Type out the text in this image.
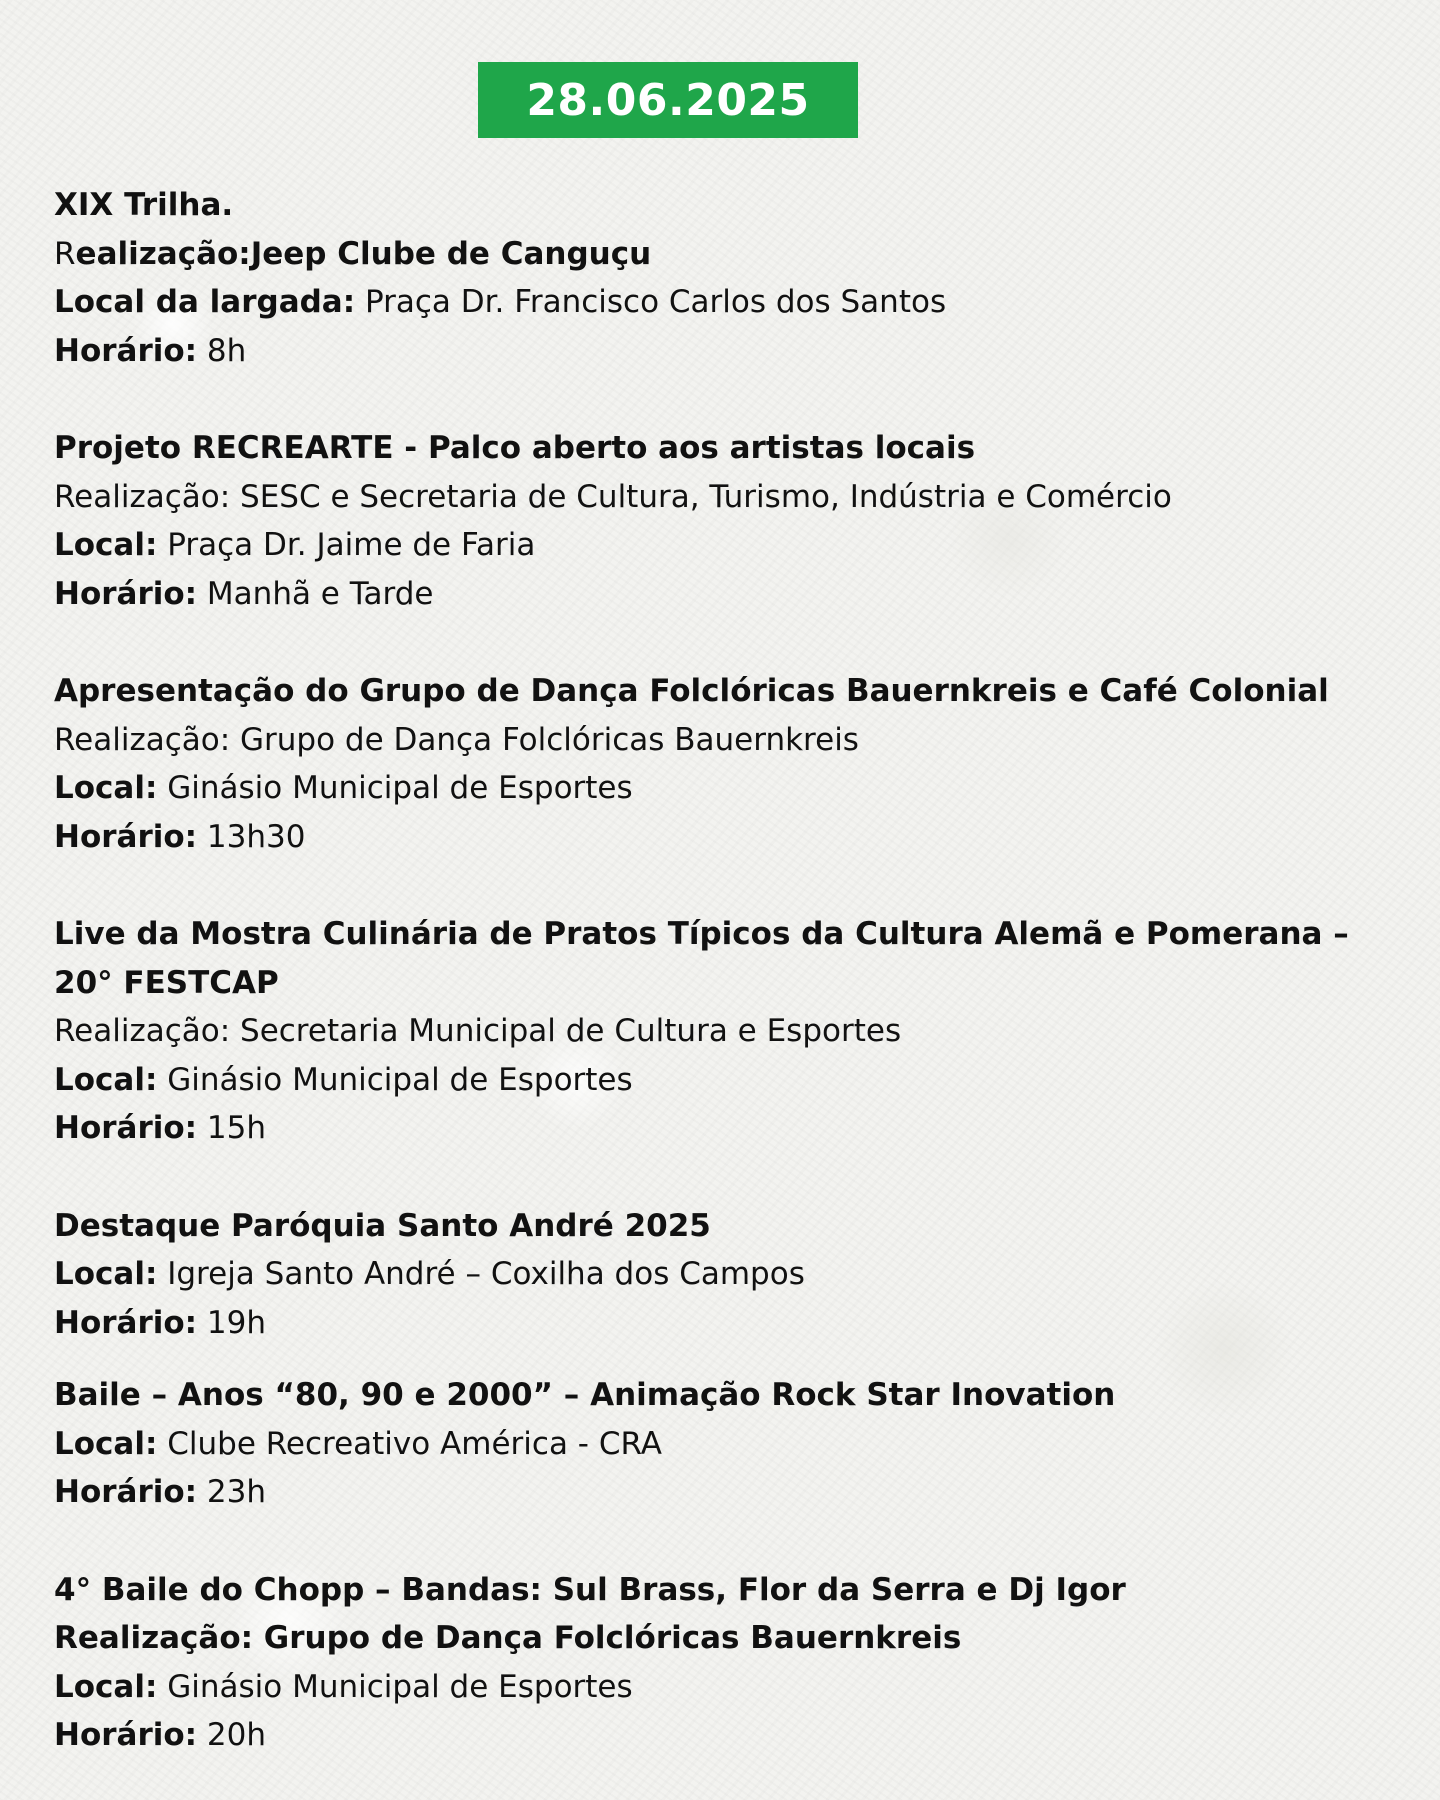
28.06.2025
XIX Trilha.
Realização:Jeep Clube de Canguçu
Local da largada: Praça Dr. Francisco Carlos dos Santos
Horário: 8h
Projeto RECREARTE - Palco aberto aos artistas locais
Realização: SESC e Secretaria de Cultura, Turismo, Indústria e Comércio
Local: Praça Dr. Jaime de Faria
Horário: Manhã e Tarde
Apresentação do Grupo de Dança Folclóricas Bauernkreis e Café Colonial
Realização: Grupo de Dança Folclóricas Bauernkreis
Local: Ginásio Municipal de Esportes
Horário: 13h30
Live da Mostra Culinária de Pratos Típicos da Cultura Alemã e Pomerana – 20° FESTCAP
Realização: Secretaria Municipal de Cultura e Esportes
Local: Ginásio Municipal de Esportes
Horário: 15h
Destaque Paróquia Santo André 2025
Local: Igreja Santo André – Coxilha dos Campos
Horário: 19h
Baile – Anos “80, 90 e 2000” – Animação Rock Star Inovation
Local: Clube Recreativo América - CRA
Horário: 23h
4° Baile do Chopp – Bandas: Sul Brass, Flor da Serra e Dj Igor
Realização: Grupo de Dança Folclóricas Bauernkreis
Local: Ginásio Municipal de Esportes
Horário: 20h
